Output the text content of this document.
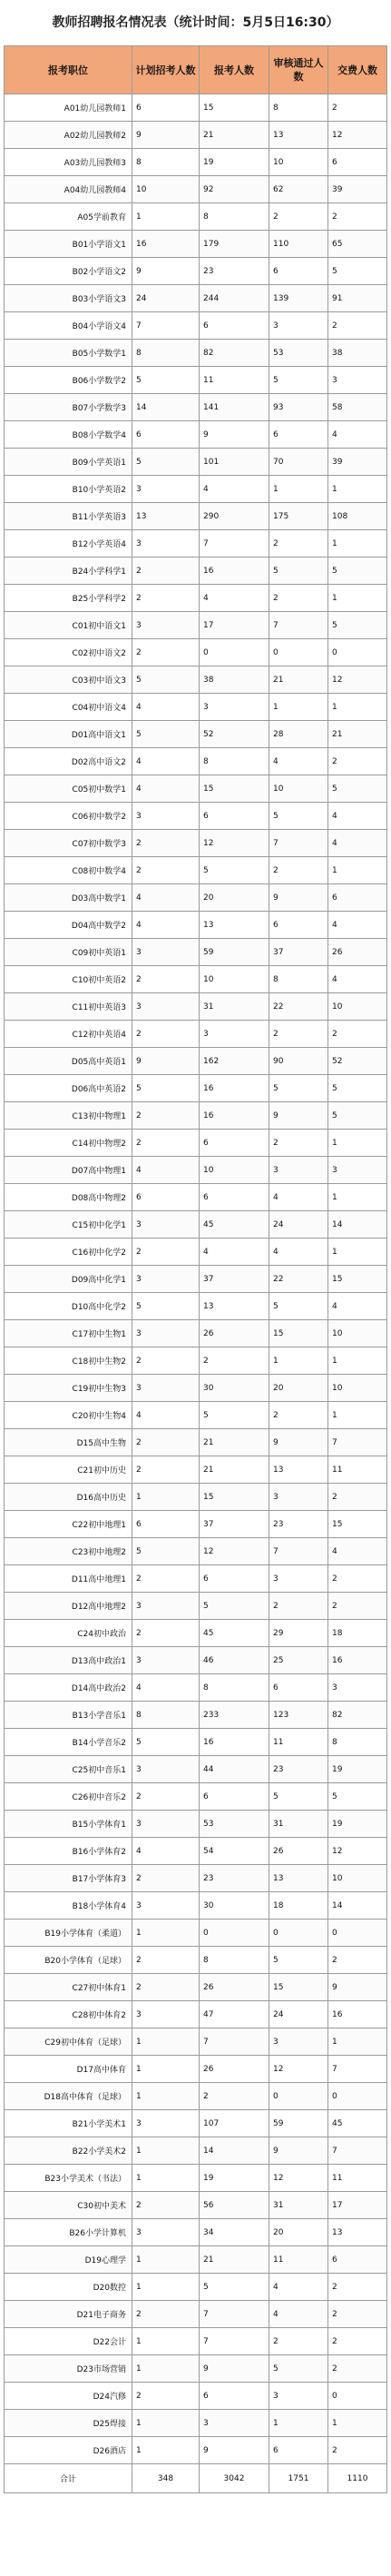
教师招聘报名情况表（统计时间：5月5日16:30）
报考职位	计划招考人数	报考人数	审核通过人数	交费人数
A01幼儿园教师1	6	15	8	2
A02幼儿园教师2	9	21	13	12
A03幼儿园教师3	8	19	10	6
A04幼儿园教师4	10	92	62	39
A05学前教育	1	8	2	2
B01小学语文1	16	179	110	65
B02小学语文2	9	23	6	5
B03小学语文3	24	244	139	91
B04小学语文4	7	6	3	2
B05小学数学1	8	82	53	38
B06小学数学2	5	11	5	3
B07小学数学3	14	141	93	58
B08小学数学4	6	9	6	4
B09小学英语1	5	101	70	39
B10小学英语2	3	4	1	1
B11小学英语3	13	290	175	108
B12小学英语4	3	7	2	1
B24小学科学1	2	16	5	5
B25小学科学2	2	4	2	1
C01初中语文1	3	17	7	5
C02初中语文2	2	0	0	0
C03初中语文3	5	38	21	12
C04初中语文4	4	3	1	1
D01高中语文1	5	52	28	21
D02高中语文2	4	8	4	2
C05初中数学1	4	15	10	5
C06初中数学2	3	6	5	4
C07初中数学3	2	12	7	4
C08初中数学4	2	5	2	1
D03高中数学1	4	20	9	6
D04高中数学2	4	13	6	4
C09初中英语1	3	59	37	26
C10初中英语2	2	10	8	4
C11初中英语3	3	31	22	10
C12初中英语4	2	3	2	2
D05高中英语1	9	162	90	52
D06高中英语2	5	16	5	5
C13初中物理1	2	16	9	5
C14初中物理2	2	6	2	1
D07高中物理1	4	10	3	3
D08高中物理2	6	6	4	1
C15初中化学1	3	45	24	14
C16初中化学2	2	4	4	1
D09高中化学1	3	37	22	15
D10高中化学2	5	13	5	4
C17初中生物1	3	26	15	10
C18初中生物2	2	2	1	1
C19初中生物3	3	30	20	10
C20初中生物4	4	5	2	1
D15高中生物	2	21	9	7
C21初中历史	2	21	13	11
D16高中历史	1	15	3	2
C22初中地理1	6	37	23	15
C23初中地理2	5	12	7	4
D11高中地理1	2	6	3	2
D12高中地理2	3	5	2	2
C24初中政治	2	45	29	18
D13高中政治1	3	46	25	16
D14高中政治2	4	8	6	3
B13小学音乐1	8	233	123	82
B14小学音乐2	5	16	11	8
C25初中音乐1	3	44	23	19
C26初中音乐2	2	6	5	5
B15小学体育1	3	53	31	19
B16小学体育2	4	54	26	12
B17小学体育3	2	23	13	10
B18小学体育4	3	30	18	14
B19小学体育（柔道）	1	0	0	0
B20小学体育（足球）	2	8	5	2
C27初中体育1	2	26	15	9
C28初中体育2	3	47	24	16
C29初中体育（足球）	1	7	3	1
D17高中体育	1	26	12	7
D18高中体育（足球）	1	2	0	0
B21小学美术1	3	107	59	45
B22小学美术2	1	14	9	7
B23小学美术（书法）	1	19	12	11
C30初中美术	2	56	31	17
B26小学计算机	3	34	20	13
D19心理学	1	21	11	6
D20数控	1	5	4	2
D21电子商务	2	7	4	2
D22会计	1	7	2	2
D23市场营销	1	9	5	2
D24汽修	2	6	3	0
D25焊接	1	3	1	1
D26酒店	1	9	6	2
合计	348	3042	1751	1110
